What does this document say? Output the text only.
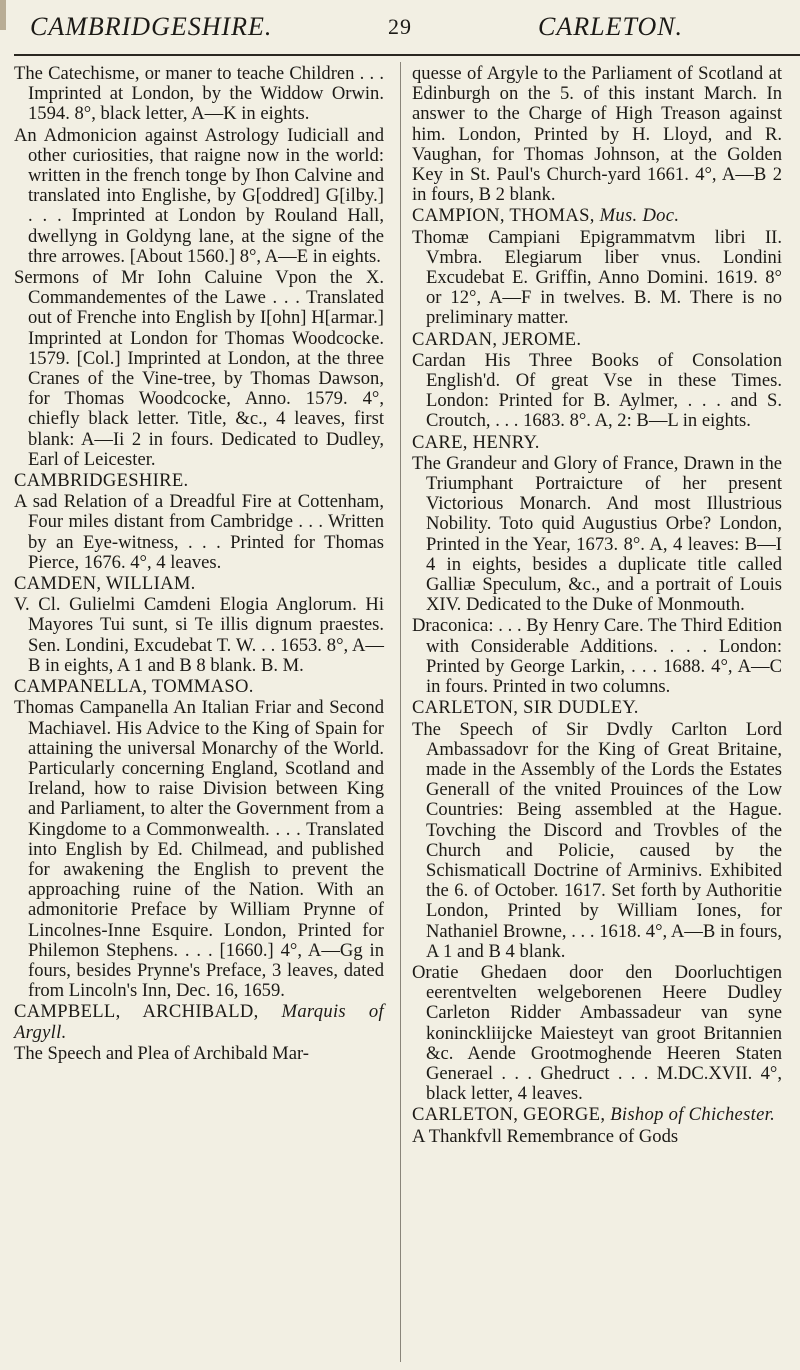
CAMBRIDGESHIRE.	29	CARLETON.
The Catechisme, or maner to teache Children . . . Imprinted at London, by the Widdow Orwin. 1594. 8°, black letter, A—K in eights.
An Admonicion against Astrology Iudiciall and other curiosities, that raigne now in the world: written in the french tonge by Ihon Calvine and translated into Englishe, by G[oddred] G[ilby.] . . . Imprinted at London by Rouland Hall, dwellyng in Goldyng lane, at the signe of the thre arrowes. [About 1560.] 8°, A—E in eights.
Sermons of Mr Iohn Caluine Vpon the X. Commandementes of the Lawe . . . Translated out of Frenche into English by I[ohn] H[armar.] Imprinted at London for Thomas Woodcocke. 1579. [Col.] Imprinted at London, at the three Cranes of the Vine-tree, by Thomas Dawson, for Thomas Woodcocke, Anno. 1579. 4°, chiefly black letter. Title, &c., 4 leaves, first blank: A—Ii 2 in fours. Dedicated to Dudley, Earl of Leicester.
CAMBRIDGESHIRE.
A sad Relation of a Dreadful Fire at Cottenham, Four miles distant from Cambridge . . . Written by an Eye-witness, . . . Printed for Thomas Pierce, 1676. 4°, 4 leaves.
CAMDEN, WILLIAM.
V. Cl. Gulielmi Camdeni Elogia Anglorum. Hi Mayores Tui sunt, si Te illis dignum praestes. Sen. Londini, Excudebat T. W. . . 1653. 8°, A—B in eights, A 1 and B 8 blank. B. M.
CAMPANELLA, TOMMASO.
Thomas Campanella An Italian Friar and Second Machiavel. His Advice to the King of Spain for attaining the universal Monarchy of the World. Particularly concerning England, Scotland and Ireland, how to raise Division between King and Parliament, to alter the Government from a Kingdome to a Commonwealth. . . . Translated into English by Ed. Chilmead, and published for awakening the English to prevent the approaching ruine of the Nation. With an admonitorie Preface by William Prynne of Lincolnes-Inne Esquire. London, Printed for Philemon Stephens. . . . [1660.] 4°, A—Gg in fours, besides Prynne's Preface, 3 leaves, dated from Lincoln's Inn, Dec. 16, 1659.
CAMPBELL, ARCHIBALD, Marquis of Argyll.
The Speech and Plea of Archibald Mar-
quesse of Argyle to the Parliament of Scotland at Edinburgh on the 5. of this instant March. In answer to the Charge of High Treason against him. London, Printed by H. Lloyd, and R. Vaughan, for Thomas Johnson, at the Golden Key in St. Paul's Church-yard 1661. 4°, A—B 2 in fours, B 2 blank.
CAMPION, THOMAS, Mus. Doc.
Thomæ Campiani Epigrammatvm libri II. Vmbra. Elegiarum liber vnus. Londini Excudebat E. Griffin, Anno Domini. 1619. 8° or 12°, A—F in twelves. B. M. There is no preliminary matter.
CARDAN, JEROME.
Cardan His Three Books of Consolation English'd. Of great Vse in these Times. London: Printed for B. Aylmer, . . . and S. Croutch, . . . 1683. 8°. A, 2: B—L in eights.
CARE, HENRY.
The Grandeur and Glory of France, Drawn in the Triumphant Portraicture of her present Victorious Monarch. And most Illustrious Nobility. Toto quid Augustius Orbe? London, Printed in the Year, 1673. 8°. A, 4 leaves: B—I 4 in eights, besides a duplicate title called Galliæ Speculum, &c., and a portrait of Louis XIV. Dedicated to the Duke of Monmouth.
Draconica: . . . By Henry Care. The Third Edition with Considerable Additions. . . . London: Printed by George Larkin, . . . 1688. 4°, A—C in fours. Printed in two columns.
CARLETON, SIR DUDLEY.
The Speech of Sir Dvdly Carlton Lord Ambassadovr for the King of Great Britaine, made in the Assembly of the Lords the Estates Generall of the vnited Prouinces of the Low Countries: Being assembled at the Hague. Tovching the Discord and Trovbles of the Church and Policie, caused by the Schismaticall Doctrine of Arminivs. Exhibited the 6. of October. 1617. Set forth by Authoritie London, Printed by William Iones, for Nathaniel Browne, . . . 1618. 4°, A—B in fours, A 1 and B 4 blank.
Oratie Ghedaen door den Doorluchtigen eerentvelten welgeborenen Heere Dudley Carleton Ridder Ambassadeur van syne koninckliijcke Maiesteyt van groot Britannien &c. Aende Grootmoghende Heeren Staten Generael . . . Ghedruct . . . M.DC.XVII. 4°, black letter, 4 leaves.
CARLETON, GEORGE, Bishop of Chichester.
A Thankfvll Remembrance of Gods
